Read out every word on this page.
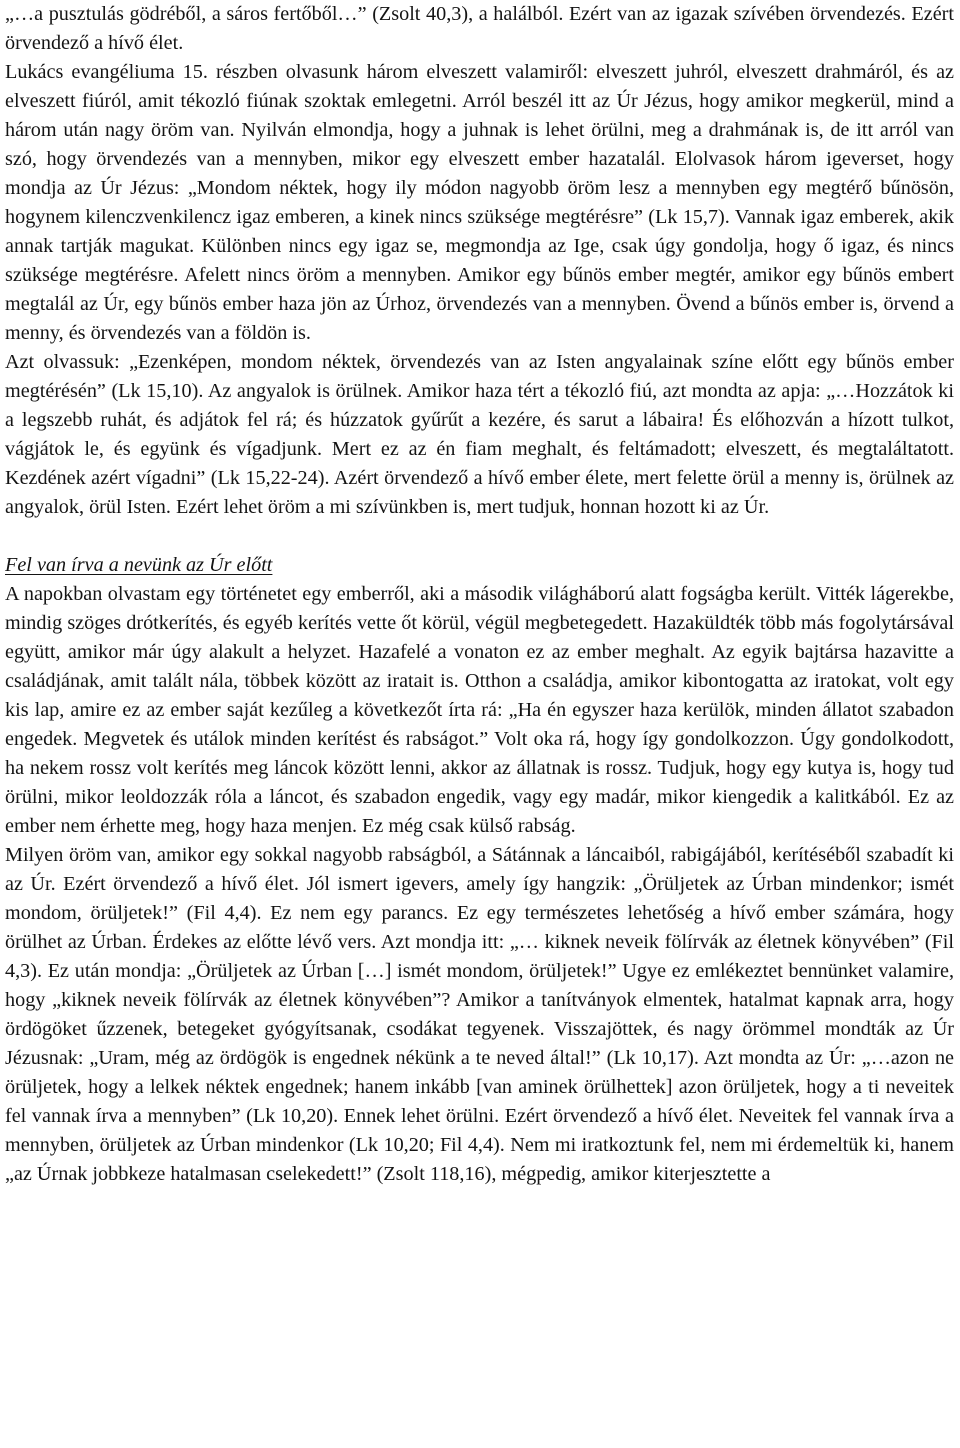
„…a pusztulás gödréből, a sáros fertőből…” (Zsolt 40,3), a halálból. Ezért van az igazak szívében örvendezés. Ezért örvendező a hívő élet.

Lukács evangéliuma 15. részben olvasunk három elveszett valamiről: elveszett juhról, elveszett drahmáról, és az elveszett fiúról, amit tékozló fiúnak szoktak emlegetni. Arról beszél itt az Úr Jézus, hogy amikor megkerül, mind a három után nagy öröm van. Nyilván elmondja, hogy a juhnak is lehet örülni, meg a drahmának is, de itt arról van szó, hogy örvendezés van a mennyben, mikor egy elveszett ember hazatalál. Elolvasok három igeverset, hogy mondja az Úr Jézus: „Mondom néktek, hogy ily módon nagyobb öröm lesz a mennyben egy megtérő bűnösön, hogynem kilenczvenkilencz igaz emberen, a kinek nincs szüksége megtérésre” (Lk 15,7). Vannak igaz emberek, akik annak tartják magukat. Különben nincs egy igaz se, megmondja az Ige, csak úgy gondolja, hogy ő igaz, és nincs szüksége megtérésre. Afelett nincs öröm a mennyben. Amikor egy bűnös ember megtér, amikor egy bűnös embert megtalál az Úr, egy bűnös ember haza jön az Úrhoz, örvendezés van a mennyben. Övend a bűnös ember is, örvend a menny, és örvendezés van a földön is.

Azt olvassuk: „Ezenképen, mondom néktek, örvendezés van az Isten angyalainak színe előtt egy bűnös ember megtérésén” (Lk 15,10). Az angyalok is örülnek. Amikor haza tért a tékozló fiú, azt mondta az apja: „…Hozzátok ki a legszebb ruhát, és adjátok fel rá; és húzzatok gyűrűt a kezére, és sarut a lábaira! És előhozván a hízott tulkot, vágjátok le, és együnk és vígadjunk. Mert ez az én fiam meghalt, és feltámadott; elveszett, és megtaláltatott. Kezdének azért vígadni” (Lk 15,22-24). Azért örvendező a hívő ember élete, mert felette örül a menny is, örülnek az angyalok, örül Isten. Ezért lehet öröm a mi szívünkben is, mert tudjuk, honnan hozott ki az Úr.

Fel van írva a nevünk az Úr előtt

A napokban olvastam egy történetet egy emberről, aki a második világháború alatt fogságba került. Vitték lágerekbe, mindig szöges drótkerítés, és egyéb kerítés vette őt körül, végül megbetegedett. Hazaküldték több más fogolytársával együtt, amikor már úgy alakult a helyzet. Hazafelé a vonaton ez az ember meghalt. Az egyik bajtársa hazavitte a családjának, amit talált nála, többek között az iratait is. Otthon a családja, amikor kibontogatta az iratokat, volt egy kis lap, amire ez az ember saját kezűleg a következőt írta rá: „Ha én egyszer haza kerülök, minden állatot szabadon engedek. Megvetek és utálok minden kerítést és rabságot.” Volt oka rá, hogy így gondolkozzon. Úgy gondolkodott, ha nekem rossz volt kerítés meg láncok között lenni, akkor az állatnak is rossz. Tudjuk, hogy egy kutya is, hogy tud örülni, mikor leoldozzák róla a láncot, és szabadon engedik, vagy egy madár, mikor kiengedik a kalitkából. Ez az ember nem érhette meg, hogy haza menjen. Ez még csak külső rabság.

Milyen öröm van, amikor egy sokkal nagyobb rabságból, a Sátánnak a láncaiból, rabigájából, kerítéséből szabadít ki az Úr. Ezért örvendező a hívő élet. Jól ismert igevers, amely így hangzik: „Örüljetek az Úrban mindenkor; ismét mondom, örüljetek!” (Fil 4,4). Ez nem egy parancs. Ez egy természetes lehetőség a hívő ember számára, hogy örülhet az Úrban. Érdekes az előtte lévő vers. Azt mondja itt: „… kiknek neveik fölírvák az életnek könyvében” (Fil 4,3). Ez után mondja: „Örüljetek az Úrban […] ismét mondom, örüljetek!” Ugye ez emlékeztet bennünket valamire, hogy „kiknek neveik fölírvák az életnek könyvében”? Amikor a tanítványok elmentek, hatalmat kapnak arra, hogy ördögöket űzzenek, betegeket gyógyítsanak, csodákat tegyenek. Visszajöttek, és nagy örömmel mondták az Úr Jézusnak: „Uram, még az ördögök is engednek nékünk a te neved által!” (Lk 10,17). Azt mondta az Úr: „…azon ne örüljetek, hogy a lelkek néktek engednek; hanem inkább [van aminek örülhettek] azon örüljetek, hogy a ti neveitek fel vannak írva a mennyben” (Lk 10,20). Ennek lehet örülni. Ezért örvendező a hívő élet. Neveitek fel vannak írva a mennyben, örüljetek az Úrban mindenkor (Lk 10,20; Fil 4,4). Nem mi iratkoztunk fel, nem mi érdemeltük ki, hanem „az Úrnak jobbkeze hatalmasan cselekedett!” (Zsolt 118,16), mégpedig, amikor kiterjesztette a
